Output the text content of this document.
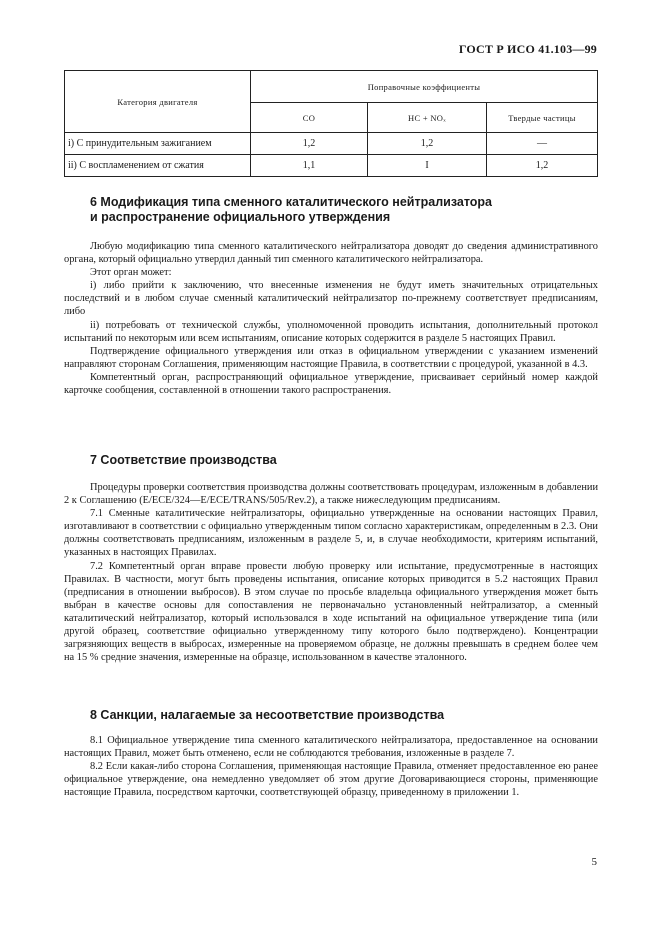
ГОСТ Р ИСО 41.103—99
Категория двигателя	Поправочные коэффициенты		
	CO	HC + NOₓ	Твердые частицы
i) С принудительным зажиганием	1,2	1,2	—
ii) С воспламенением от сжатия	1,1	I	1,2
6 Модификация типа сменного каталитического нейтрализатора
и распространение официального утверждения

Любую модификацию типа сменного каталитического нейтрализатора доводят до сведения административного органа, который официально утвердил данный тип сменного каталитического нейтрализатора.

Этот орган может:

i) либо прийти к заключению, что внесенные изменения не будут иметь значительных отрицательных последствий и в любом случае сменный каталитический нейтрализатор по-прежнему соответствует предписаниям, либо

ii) потребовать от технической службы, уполномоченной проводить испытания, дополнительный протокол испытаний по некоторым или всем испытаниям, описание которых содержится в разделе 5 настоящих Правил.

Подтверждение официального утверждения или отказ в официальном утверждении с указанием изменений направляют сторонам Соглашения, применяющим настоящие Правила, в соответствии с процедурой, указанной в 4.3.

Компетентный орган, распространяющий официальное утверждение, присваивает серийный номер каждой карточке сообщения, составленной в отношении такого распространения.

7 Соответствие производства

Процедуры проверки соответствия производства должны соответствовать процедурам, изложенным в добавлении 2 к Соглашению (E/ECE/324—E/ECE/TRANS/505/Rev.2), а также нижеследующим предписаниям.

7.1 Сменные каталитические нейтрализаторы, официально утвержденные на основании настоящих Правил, изготавливают в соответствии с официально утвержденным типом согласно характеристикам, определенным в 2.3. Они должны соответствовать предписаниям, изложенным в разделе 5, и, в случае необходимости, критериям испытаний, указанных в настоящих Правилах.

7.2 Компетентный орган вправе провести любую проверку или испытание, предусмотренные в настоящих Правилах. В частности, могут быть проведены испытания, описание которых приводится в 5.2 настоящих Правил (предписания в отношении выбросов). В этом случае по просьбе владельца официального утверждения может быть выбран в качестве основы для сопоставления не первоначально установленный нейтрализатор, а сменный каталитический нейтрализатор, который использовался в ходе испытаний на официальное утверждение типа (или другой образец, соответствие официально утвержденному типу которого было подтверждено). Концентрации загрязняющих веществ в выбросах, измеренные на проверяемом образце, не должны превышать в среднем более чем на 15 % средние значения, измеренные на образце, использованном в качестве эталонного.

8 Санкции, налагаемые за несоответствие производства

8.1 Официальное утверждение типа сменного каталитического нейтрализатора, предоставленное на основании настоящих Правил, может быть отменено, если не соблюдаются требования, изложенные в разделе 7.

8.2 Если какая-либо сторона Соглашения, применяющая настоящие Правила, отменяет предоставленное ею ранее официальное утверждение, она немедленно уведомляет об этом другие Договаривающиеся стороны, применяющие настоящие Правила, посредством карточки, соответствующей образцу, приведенному в приложении 1.

5
